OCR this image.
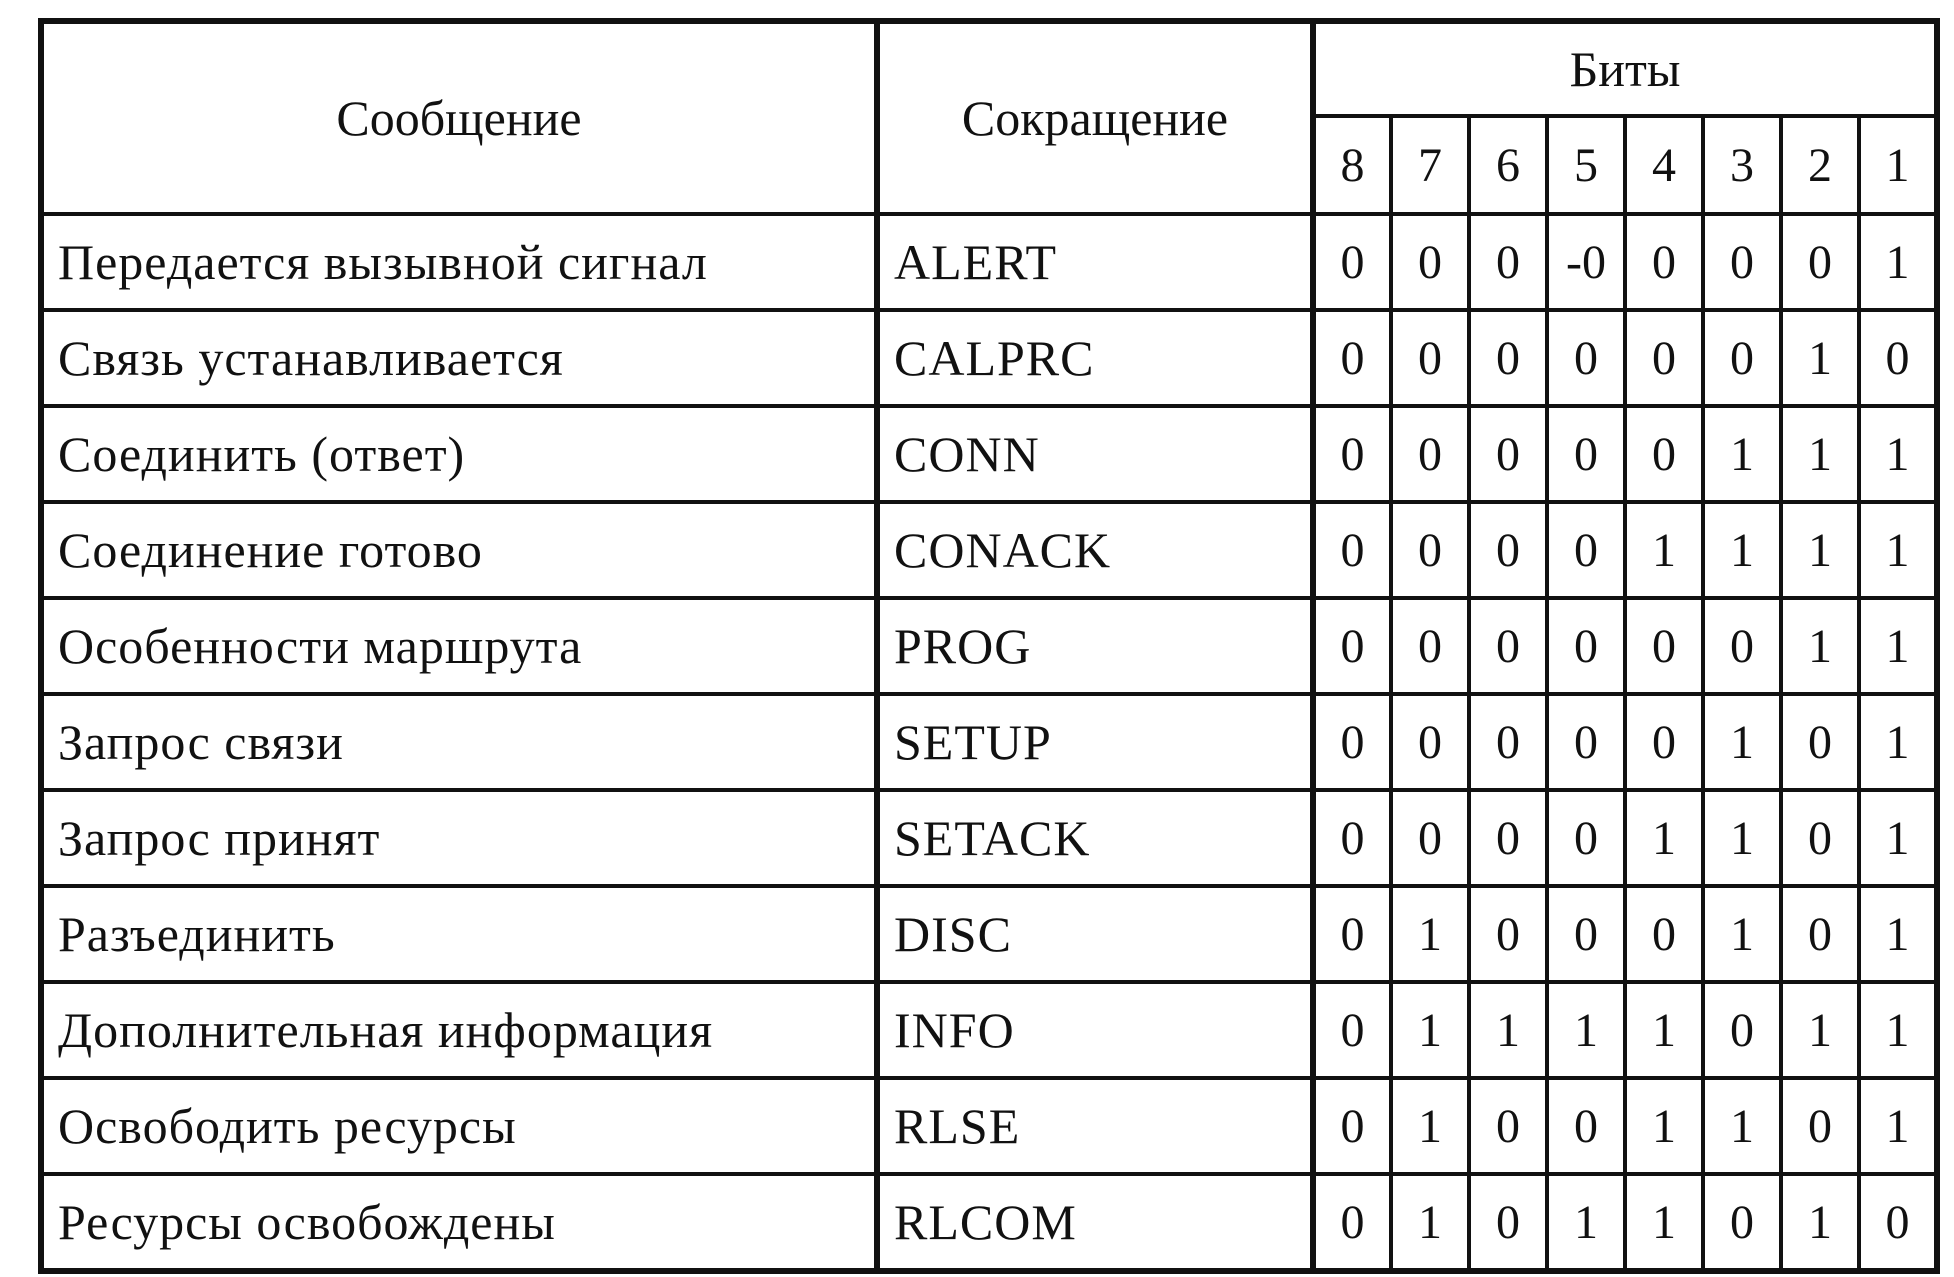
Сообщение	Сокращение	Биты							
		8	7	6	5	4	3	2	1
Передается вызывной сигнал	ALERT	0	0	0	-0	0	0	0	1
Связь устанавливается	CALPRC	0	0	0	0	0	0	1	0
Соединить (ответ)	CONN	0	0	0	0	0	1	1	1
Соединение готово	CONACK	0	0	0	0	1	1	1	1
Особенности маршрута	PROG	0	0	0	0	0	0	1	1
Запрос связи	SETUP	0	0	0	0	0	1	0	1
Запрос принят	SETACK	0	0	0	0	1	1	0	1
Разъединить	DISC	0	1	0	0	0	1	0	1
Дополнительная информация	INFO	0	1	1	1	1	0	1	1
Освободить ресурсы	RLSE	0	1	0	0	1	1	0	1
Ресурсы освобождены	RLCOM	0	1	0	1	1	0	1	0
